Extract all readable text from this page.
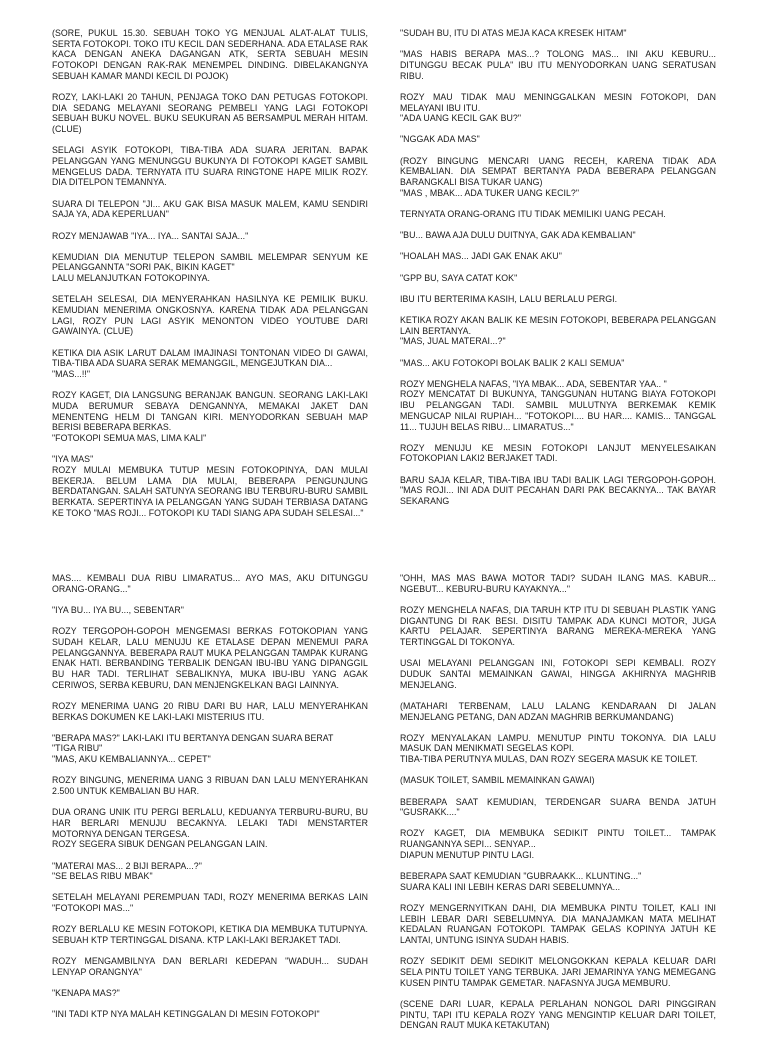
(SORE, PUKUL 15.30. SEBUAH TOKO YG MENJUAL ALAT-ALAT TULIS, SERTA FOTOKOPI. TOKO ITU KECIL DAN SEDERHANA. ADA ETALASE RAK KACA DENGAN ANEKA DAGANGAN ATK, SERTA SEBUAH MESIN FOTOKOPI DENGAN RAK-RAK MENEMPEL DINDING. DIBELAKANGNYA SEBUAH KAMAR MANDI KECIL DI POJOK)

ROZY, LAKI-LAKI 20 TAHUN, PENJAGA TOKO DAN PETUGAS FOTOKOPI. DIA SEDANG MELAYANI SEORANG PEMBELI YANG LAGI FOTOKOPI SEBUAH BUKU NOVEL. BUKU SEUKURAN A5 BERSAMPUL MERAH HITAM. (CLUE)

SELAGI ASYIK FOTOKOPI, TIBA-TIBA ADA SUARA JERITAN. BAPAK PELANGGAN YANG MENUNGGU BUKUNYA DI FOTOKOPI KAGET SAMBIL MENGELUS DADA. TERNYATA ITU SUARA RINGTONE HAPE MILIK ROZY. DIA DITELPON TEMANNYA.

SUARA DI TELEPON "JI... AKU GAK BISA MASUK MALEM, KAMU SENDIRI SAJA YA, ADA KEPERLUAN"

ROZY MENJAWAB "IYA... IYA... SANTAI SAJA..."

KEMUDIAN DIA MENUTUP TELEPON SAMBIL MELEMPAR SENYUM KE PELANGGANNTA "SORI PAK, BIKIN KAGET"
LALU MELANJUTKAN FOTOKOPINYA.

SETELAH SELESAI, DIA MENYERAHKAN HASILNYA KE PEMILIK BUKU. KEMUDIAN MENERIMA ONGKOSNYA. KARENA TIDAK ADA PELANGGAN LAGI, ROZY PUN LAGI ASYIK MENONTON VIDEO YOUTUBE DARI GAWAINYA. (CLUE)

KETIKA DIA ASIK LARUT DALAM IMAJINASI TONTONAN VIDEO DI GAWAI, TIBA-TIBA ADA SUARA SERAK MEMANGGIL, MENGEJUTKAN DIA...
"MAS...!!"

ROZY KAGET, DIA LANGSUNG BERANJAK BANGUN. SEORANG LAKI-LAKI MUDA BERUMUR SEBAYA DENGANNYA, MEMAKAI JAKET DAN MENENTENG HELM DI TANGAN KIRI. MENYODORKAN SEBUAH MAP BERISI BEBERAPA BERKAS.
"FOTOKOPI SEMUA MAS, LIMA KALI"

"IYA MAS"
ROZY MULAI MEMBUKA TUTUP MESIN FOTOKOPINYA, DAN MULAI BEKERJA. BELUM LAMA DIA MULAI, BEBERAPA PENGUNJUNG BERDATANGAN. SALAH SATUNYA SEORANG IBU TERBURU-BURU SAMBIL BERKATA. SEPERTINYA IA PELANGGAN YANG SUDAH TERBIASA DATANG KE TOKO "MAS ROJI... FOTOKOPI KU TADI SIANG APA SUDAH SELESAI..."

"SUDAH BU, ITU DI ATAS MEJA KACA KRESEK HITAM"

"MAS HABIS BERAPA MAS...? TOLONG MAS... INI AKU KEBURU... DITUNGGU BECAK PULA" IBU ITU MENYODORKAN UANG SERATUSAN RIBU.

ROZY MAU TIDAK MAU MENINGGALKAN MESIN FOTOKOPI, DAN MELAYANI IBU ITU.
"ADA UANG KECIL GAK BU?"

"NGGAK ADA MAS"

(ROZY BINGUNG MENCARI UANG RECEH, KARENA TIDAK ADA KEMBALIAN. DIA SEMPAT BERTANYA PADA BEBERAPA PELANGGAN BARANGKALI BISA TUKAR UANG)
"MAS , MBAK... ADA TUKER UANG KECIL?"

TERNYATA ORANG-ORANG ITU TIDAK MEMILIKI UANG PECAH.

"BU... BAWA AJA DULU DUITNYA, GAK ADA KEMBALIAN"

"HOALAH MAS... JADI GAK ENAK AKU"

"GPP BU, SAYA CATAT KOK"

IBU ITU BERTERIMA KASIH, LALU BERLALU PERGI.

KETIKA ROZY AKAN BALIK KE MESIN FOTOKOPI, BEBERAPA PELANGGAN LAIN BERTANYA.
"MAS, JUAL MATERAI...?"

"MAS... AKU FOTOKOPI BOLAK BALIK 2 KALI SEMUA"

ROZY MENGHELA NAFAS, "IYA MBAK... ADA, SEBENTAR YAA.. "
ROZY MENCATAT DI BUKUNYA, TANGGUNAN HUTANG BIAYA FOTOKOPI IBU PELANGGAN TADI. SAMBIL MULUTNYA BERKEMAK KEMIK MENGUCAP NILAI RUPIAH... "FOTOKOPI.... BU HAR.... KAMIS... TANGGAL 11... TUJUH BELAS RIBU... LIMARATUS..."

ROZY MENUJU KE MESIN FOTOKOPI LANJUT MENYELESAIKAN FOTOKOPIAN LAKI2 BERJAKET TADI.

BARU SAJA KELAR, TIBA-TIBA IBU TADI BALIK LAGI TERGOPOH-GOPOH. "MAS ROJI... INI ADA DUIT PECAHAN DARI PAK BECAKNYA... TAK BAYAR SEKARANG

MAS.... KEMBALI DUA RIBU LIMARATUS... AYO MAS, AKU DITUNGGU ORANG-ORANG..."

"IYA BU... IYA BU..., SEBENTAR"

ROZY TERGOPOH-GOPOH MENGEMASI BERKAS FOTOKOPIAN YANG SUDAH KELAR, LALU MENUJU KE ETALASE DEPAN MENEMUI PARA PELANGGANNYA. BEBERAPA RAUT MUKA PELANGGAN TAMPAK KURANG ENAK HATI. BERBANDING TERBALIK DENGAN IBU-IBU YANG DIPANGGIL BU HAR TADI. TERLIHAT SEBALIKNYA, MUKA IBU-IBU YANG AGAK CERIWOS, SERBA KEBURU, DAN MENJENGKELKAN BAGI LAINNYA.

ROZY MENERIMA UANG 20 RIBU DARI BU HAR, LALU MENYERAHKAN BERKAS DOKUMEN KE LAKI-LAKI MISTERIUS ITU.

"BERAPA MAS?" LAKI-LAKI ITU BERTANYA DENGAN SUARA BERAT
"TIGA RIBU"
"MAS, AKU KEMBALIANNYA... CEPET"

ROZY BINGUNG, MENERIMA UANG 3 RIBUAN DAN LALU MENYERAHKAN 2.500 UNTUK KEMBALIAN BU HAR.

DUA ORANG UNIK ITU PERGI BERLALU, KEDUANYA TERBURU-BURU, BU HAR BERLARI MENUJU BECAKNYA. LELAKI TADI MENSTARTER MOTORNYA DENGAN TERGESA.
ROZY SEGERA SIBUK DENGAN PELANGGAN LAIN.

"MATERAI MAS... 2 BIJI BERAPA...?"
"SE BELAS RIBU MBAK"

SETELAH MELAYANI PEREMPUAN TADI, ROZY MENERIMA BERKAS LAIN "FOTOKOPI MAS..."

ROZY BERLALU KE MESIN FOTOKOPI, KETIKA DIA MEMBUKA TUTUPNYA. SEBUAH KTP TERTINGGAL DISANA. KTP LAKI-LAKI BERJAKET TADI.

ROZY MENGAMBILNYA DAN BERLARI KEDEPAN "WADUH... SUDAH LENYAP ORANGNYA"

"KENAPA MAS?"

"INI TADI KTP NYA MALAH KETINGGALAN DI MESIN FOTOKOPI"

"OHH, MAS MAS BAWA MOTOR TADI? SUDAH ILANG MAS. KABUR... NGEBUT... KEBURU-BURU KAYAKNYA..."

ROZY MENGHELA NAFAS, DIA TARUH KTP ITU DI SEBUAH PLASTIK YANG DIGANTUNG DI RAK BESI. DISITU TAMPAK ADA KUNCI MOTOR, JUGA KARTU PELAJAR. SEPERTINYA BARANG MEREKA-MEREKA YANG TERTINGGAL DI TOKONYA.

USAI MELAYANI PELANGGAN INI, FOTOKOPI SEPI KEMBALI. ROZY DUDUK SANTAI MEMAINKAN GAWAI, HINGGA AKHIRNYA MAGHRIB MENJELANG.

(MATAHARI TERBENAM, LALU LALANG KENDARAAN DI JALAN MENJELANG PETANG, DAN ADZAN MAGHRIB BERKUMANDANG)

ROZY MENYALAKAN LAMPU. MENUTUP PINTU TOKONYA. DIA LALU MASUK DAN MENIKMATI SEGELAS KOPI.
TIBA-TIBA PERUTNYA MULAS, DAN ROZY SEGERA MASUK KE TOILET.

(MASUK TOILET, SAMBIL MEMAINKAN GAWAI)

BEBERAPA SAAT KEMUDIAN, TERDENGAR SUARA BENDA JATUH "GUSRAKK...."

ROZY KAGET, DIA MEMBUKA SEDIKIT PINTU TOILET... TAMPAK RUANGANNYA SEPI... SENYAP...
DIAPUN MENUTUP PINTU LAGI.

BEBERAPA SAAT KEMUDIAN "GUBRAAKK... KLUNTING..."
SUARA KALI INI LEBIH KERAS DARI SEBELUMNYA...

ROZY MENGERNYITKAN DAHI, DIA MEMBUKA PINTU TOILET, KALI INI LEBIH LEBAR DARI SEBELUMNYA. DIA MANAJAMKAN MATA MELIHAT KEDALAN RUANGAN FOTOKOPI. TAMPAK GELAS KOPINYA JATUH KE LANTAI, UNTUNG ISINYA SUDAH HABIS.

ROZY SEDIKIT DEMI SEDIKIT MELONGOKKAN KEPALA KELUAR DARI SELA PINTU TOILET YANG TERBUKA. JARI JEMARINYA YANG MEMEGANG KUSEN PINTU TAMPAK GEMETAR. NAFASNYA JUGA MEMBURU.

(SCENE DARI LUAR, KEPALA PERLAHAN NONGOL DARI PINGGIRAN PINTU, TAPI ITU KEPALA ROZY YANG MENGINTIP KELUAR DARI TOILET, DENGAN RAUT MUKA KETAKUTAN)
